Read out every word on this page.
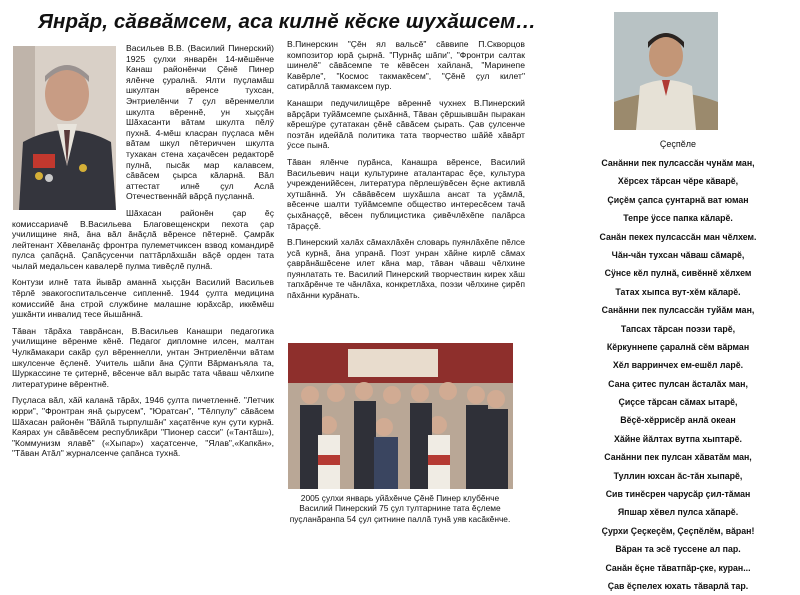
Янрăр, сăввăмсем, аса килнĕ кĕске шухăшсем…

Васильев В.В. (Василий Пинерский) 1925 çулхи январĕн 14-мĕшĕнче Канаш районĕнчи Çĕнĕ Пинер ялĕнче çуралнă. Ялти пуçламăш шкултан вĕренсе тухсан, Энтриелĕнчи 7 çул вĕренмелли шкулта вĕреннĕ, ун хыççăн Шăхасанти вăтам шкулта пĕлÿ пухнă. 4-мĕш класран пуçласа мĕн вăтам шкул пĕтериччен шкулта тухакан стена хаçачĕсен редакторĕ пулнă, пысăк мар калавсем, сăвăсем çырса кăларнă. Вăл аттестат илнĕ çул Аслă Отечественнăй вăрçă пуçланнă.

Шăхасан районĕн çар ĕç комиссариачĕ В.Васильева Благовещенскри пехота çар училищине янă, ăна вăл ăнăçлă вĕренсе пĕтернĕ. Çамрăк лейтенант Хĕвеланăç фронтра пулеметчиксен взвод командирĕ пулса çапăçнă. Çапăçусенчи паттăрлăхшăн вăçĕ орден тата чылай медальсен кавалерĕ пулма тивĕçлĕ пулнă.

Контузи илнĕ тата йывăр аманнă хыççăн Василий Васильев тĕрлĕ эвакогоспитальсенче сипленнĕ. 1944 çулта медицина комиссийĕ ăна строй службине малашне юрăхсăр, иккĕмĕш ушкăнти инвалид тесе йышăннă.

Тăван тăрăха таврăнсан, В.Васильев Канашри педагогика училищине вĕренме кĕнĕ. Педагог дипломне илсен, малтан Чулкăмакари сакăр çул вĕреннелли, унтан Энтриелĕнчи вăтам шкулсенче ĕçленĕ. Учитель шăпи ăна Çÿпти Вăрманъяла та, Шуркассине те çитернĕ, вĕсенче вăл вырăс тата чăваш чĕлхипе литературине вĕрентнĕ.

Пуçласа вăл, хăй каланă тăрăх, 1946 çулта пичетленнĕ. "Летчик юрри", "Фронтран янă çырусем", "Юратсан", "Тĕлпулу" сăвăсем Шăхасан районĕн "Вăйлă тырпулшăн" хаçатĕнче кун çути курнă. Каярах ун сăвăвĕсем республикăри "Пионер сасси" («Тантăш»), "Коммунизм ялавĕ" («Хыпар») хаçатсенче, "Ялав",«Капкăн», "Тăван Атăл" журналсенче çапăнса тухнă.

В.Пинерскин "Çĕн ял вальсĕ" сăввипе П.Скворцов композитор юрă çырнă. "Пурнăç шăпи", "Фронтри салтак шинелĕ" сăвăсемпе те кĕвĕсен хайланă, "Маринепе Кавĕрле", "Космос такмакĕсем", "Çĕнĕ çул килет" сатирăллă такмаксем пур.

Канашри педучилищĕре вĕреннĕ чухнех В.Пинерский вăрçăри туйăмсемпе çыхăннă, Тăван çĕршывшăн пыракан кĕрешÿре çутатакан çĕнĕ сăвăсем çырать. Çав çулсенче поэтăн идейăлă политика тата творчество шăйĕ хăвăрт ÿссе пынă.

Тăван ялĕнче пурăнса, Канашра вĕренсе, Василий Васильевич наци культурине аталантарас ĕçе, культура учрежденийĕсен, литература пĕрлешÿвĕсен ĕçне активлă хутшăннă. Ун сăвăвĕсем шухăшла ансат та уçăмлă, вĕсенче шалти туйăмсемпе общество интересĕсем тачă çыхăнаççĕ, вĕсен публицистика çивĕчлĕхĕпе палăрса тăраççĕ.

В.Пинерский халăх сăмахлăхĕн словарь пуянлăхĕпе пĕлсе усă курнă, ăна упранă. Поэт унран хăйне кирлĕ сăмах çаврăнăшĕсене илет кăна мар, тăван чăваш чĕлхине пуянлатать те. Василий Пинерский творчествин кирек хăш тапхăрĕнче те чăнлăха, конкретлăха, поэзи чĕлхине çирĕп пăхăнни курăнать.

2005 çулхи январь уйăхĕнче Çĕнĕ Пинер клубĕнче Василий Пинерский 75 çул тултарнине тата ĕçлеме пуçланăранпа 54 çул çитнине паллă тунă уяв касăкĕнче.
Çеçпĕле
Санăнни пек пулсассăн чунăм ман,
Хĕрсех тăрсан чĕре кăварĕ,
Çиçĕм çапса çунтарнă ват юман
Тепре ÿссе папка кăларĕ.
Санăн пекех пулсассăн ман чĕлхем.
Чăн-чăн тухсан чăваш сăмарĕ,
Сÿнсе кĕл пулнă, сивĕннĕ хĕлхем
Татах хыпса вут-хĕм кăларĕ.
Санăнни пек пулсассăн туйăм ман,
Тапсах тăрсан поэзи тарĕ,
Кĕркуннепе çаралнă сĕм вăрман
Хĕл варринчех ем-ешĕл ларĕ.
Сана çитес пулсан ăсталăх ман,
Çиçсе тăрсан сăмах ытарĕ,
Вĕçĕ-хĕррисĕр анлă океан
Хăйне йăлтах вутпа хыптарĕ.
Санăнни пек пулсан хăватăм ман,
Туллин юхсан ăс-тăн хыпарĕ,
Сив тинĕсрен чарусăр çил-тăман
Япшар хĕвел пулса хăпарĕ.
Çурхи Çеçкеçĕм, Çеçпĕлĕм, вăран!
Вăран та эсĕ туссене ал пар.
Санăн ĕçне тăватпăр-çке, куран...
Çав ĕçпелех юхать тăварлă тар.
